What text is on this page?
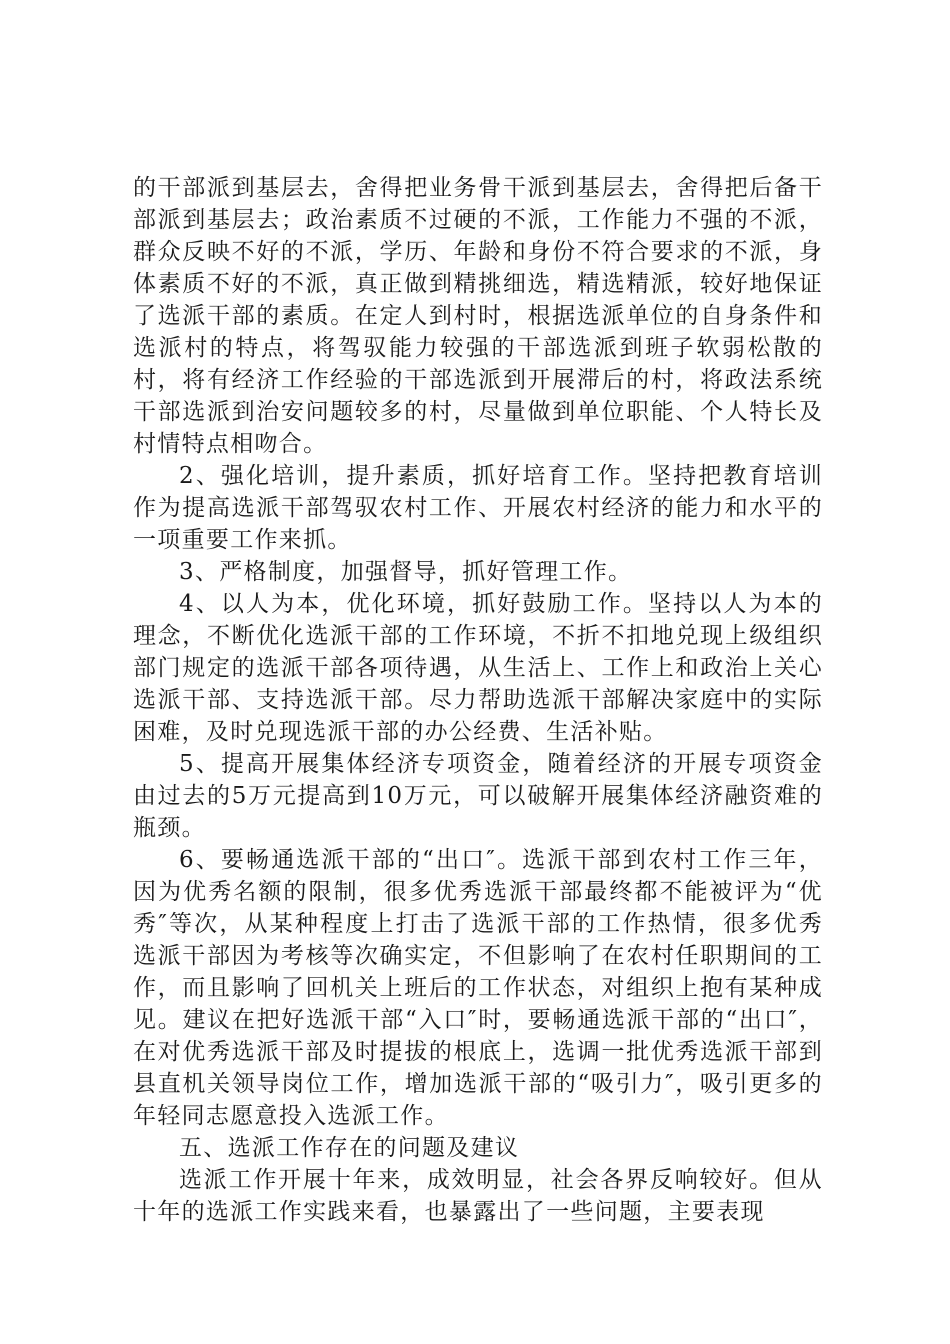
的干部派到基层去，舍得把业务骨干派到基层去，舍得把后备干部派到基层去；政治素质不过硬的不派，工作能力不强的不派，群众反映不好的不派，学历、年龄和身份不符合要求的不派，身体素质不好的不派，真正做到精挑细选，精选精派，较好地保证了选派干部的素质。在定人到村时，根据选派单位的自身条件和选派村的特点，将驾驭能力较强的干部选派到班子软弱松散的村，将有经济工作经验的干部选派到开展滞后的村，将政法系统干部选派到治安问题较多的村，尽量做到单位职能、个人特长及村情特点相吻合。

2、强化培训，提升素质，抓好培育工作。坚持把教育培训作为提高选派干部驾驭农村工作、开展农村经济的能力和水平的一项重要工作来抓。

3、严格制度，加强督导，抓好管理工作。

4、以人为本，优化环境，抓好鼓励工作。坚持以人为本的理念，不断优化选派干部的工作环境，不折不扣地兑现上级组织部门规定的选派干部各项待遇，从生活上、工作上和政治上关心选派干部、支持选派干部。尽力帮助选派干部解决家庭中的实际困难，及时兑现选派干部的办公经费、生活补贴。

5、提高开展集体经济专项资金，随着经济的开展专项资金由过去的5万元提高到10万元，可以破解开展集体经济融资难的瓶颈。

6、要畅通选派干部的“出口″。选派干部到农村工作三年，因为优秀名额的限制，很多优秀选派干部最终都不能被评为“优秀″等次，从某种程度上打击了选派干部的工作热情，很多优秀选派干部因为考核等次确实定，不但影响了在农村任职期间的工作，而且影响了回机关上班后的工作状态，对组织上抱有某种成见。建议在把好选派干部“入口″时，要畅通选派干部的“出口″，在对优秀选派干部及时提拔的根底上，选调一批优秀选派干部到县直机关领导岗位工作，增加选派干部的“吸引力″，吸引更多的年轻同志愿意投入选派工作。

五、选派工作存在的问题及建议

选派工作开展十年来，成效明显，社会各界反响较好。但从十年的选派工作实践来看，也暴露出了一些问题，主要表现
